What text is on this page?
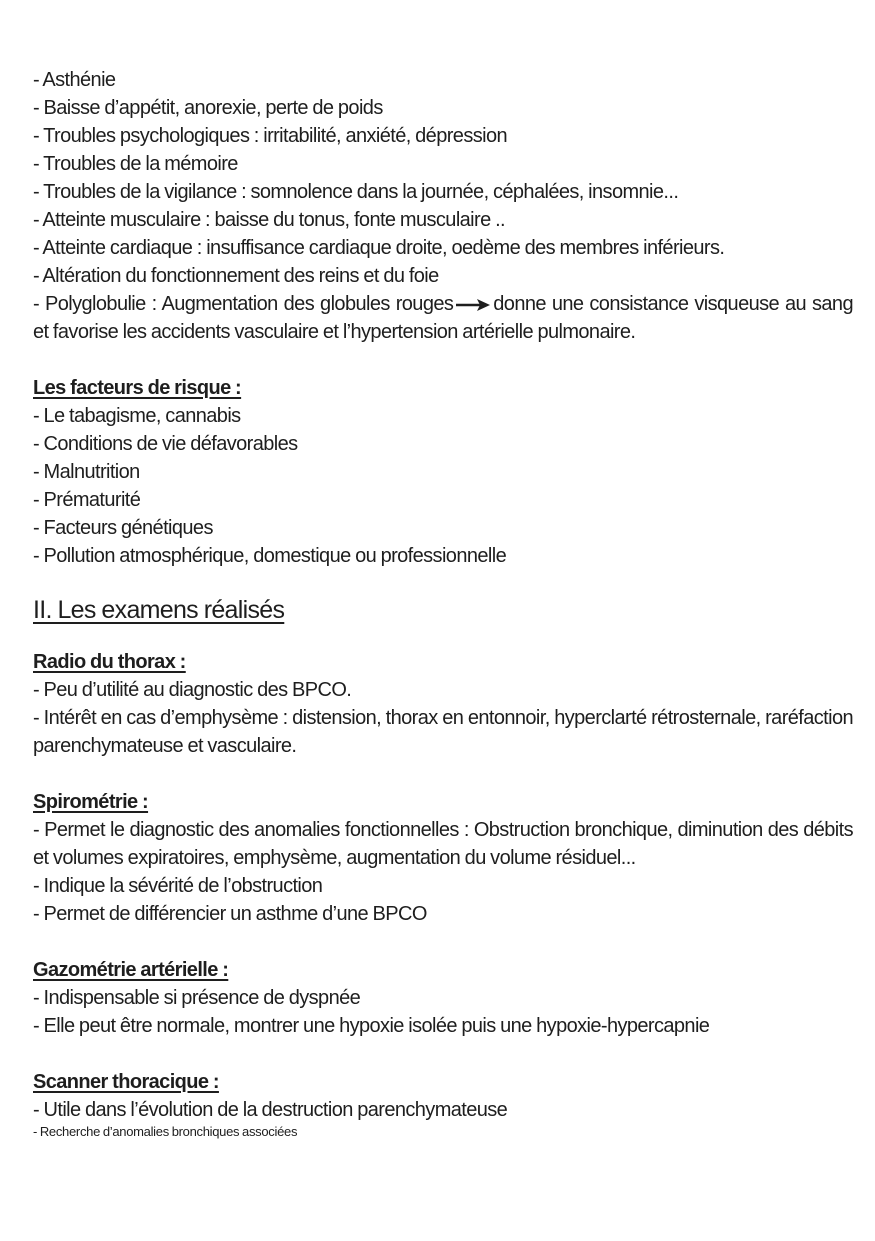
- Asthénie

- Baisse d’appétit, anorexie, perte de poids

- Troubles psychologiques : irritabilité, anxiété, dépression

- Troubles de la mémoire

- Troubles de la vigilance : somnolence dans la journée, céphalées, insomnie...

- Atteinte musculaire : baisse du tonus, fonte musculaire ..

- Atteinte cardiaque : insuffisance cardiaque droite, oedème des membres inférieurs.

- Altération du fonctionnement des reins et du foie

- Polyglobulie : Augmentation des globules rouges donne une consistance visqueuse au sang et favorise les accidents vasculaire et l’hypertension artérielle pulmonaire.

Les facteurs de risque :

- Le tabagisme, cannabis

- Conditions de vie défavorables

- Malnutrition

- Prématurité

- Facteurs génétiques

- Pollution atmosphérique, domestique ou professionnelle

II. Les examens réalisés

Radio du thorax :

- Peu d’utilité au diagnostic des BPCO.

- Intérêt en cas d’emphysème : distension, thorax en entonnoir, hyperclarté rétrosternale, raréfaction parenchymateuse et vasculaire.

Spirométrie :

- Permet le diagnostic des anomalies fonctionnelles : Obstruction bronchique, diminution des débits et volumes expiratoires, emphysème, augmentation du volume résiduel...

- Indique la sévérité de l’obstruction

- Permet de différencier un asthme d’une BPCO

Gazométrie artérielle :

- Indispensable si présence de dyspnée

- Elle peut être normale, montrer une hypoxie isolée puis une hypoxie-hypercapnie

Scanner thoracique :

- Utile dans l’évolution de la destruction parenchymateuse

- Recherche d’anomalies bronchiques associées
